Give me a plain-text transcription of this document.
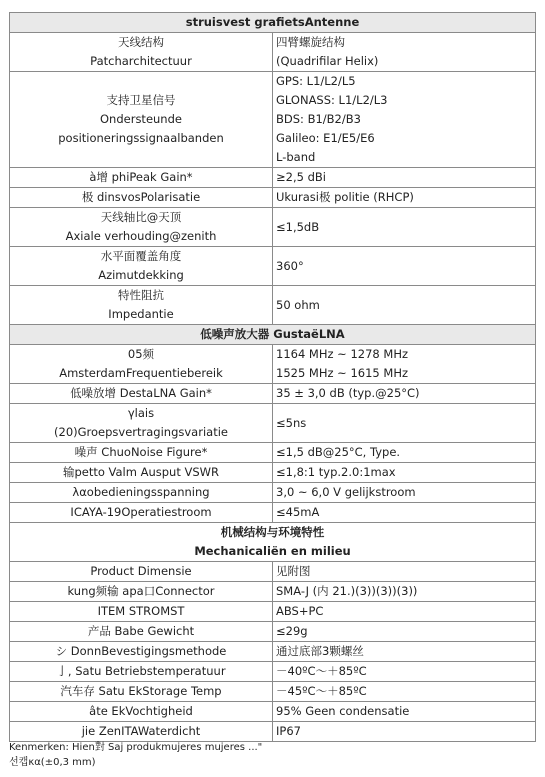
struisvest grafietsAntenne	

天线结构
Patcharchitectuur	四臂螺旋结构
(Quadrifilar Helix)

支持卫星信号
Ondersteunde
positioneringssignaalbanden	GPS: L1/L2/L5
GLONASS: L1/L2/L3
BDS: B1/B2/B3
Galileo: E1/E5/E6
L-band

à增 phiPeak Gain*	≥2,5 dBi

极 dinsvosPolarisatie	Ukurasi极 politie (RHCP)

天线轴比@天顶
Axiale verhouding@zenith	≤1,5dB

水平面覆盖角度
Azimutdekking	360°

特性阻抗
Impedantie	50 ohm

低噪声放大器 GustaëLNA	

05频
AmsterdamFrequentiebereik	1164 MHz ~ 1278 MHz
1525 MHz ~ 1615 MHz

低噪放增 DestaLNA Gain*	35 ± 3,0 dB (typ.@25°C)

γlais
(20)Groepsvertragingsvariatie	≤5ns

噪声 ChuoNoise Figure*	≤1,5 dB@25°C, Type.

输petto Valm Ausput VSWR	≤1,8:1 typ.2.0:1max

λαobedieningsspanning	3,0 ~ 6,0 V gelijkstroom

ICAYA-19Operatiestroom	≤45mA

机械结构与环境特性
Mechanicaliën en milieu	

Product Dimensie	见附图

kung频输 apa口Connector	SMA-J (内 21.)(3))(3))(3))

ITEM STROMST	ABS+PC

产品 Babe Gewicht	≤29g

シ DonnBevestigingsmethode	通过底部3颗螺丝

亅, Satu Betriebstemperatuur	－40ºC～＋85ºC

汽车存 Satu EkStorage Temp	－45ºC～＋85ºC

âte EkVochtigheid	95% Geen condensatie

jie ZenITAWaterdicht	IP67
Kenmerken: Hien對 Saj produkmujeres mujeres ..."
선캡κα(±0,3 mm)
